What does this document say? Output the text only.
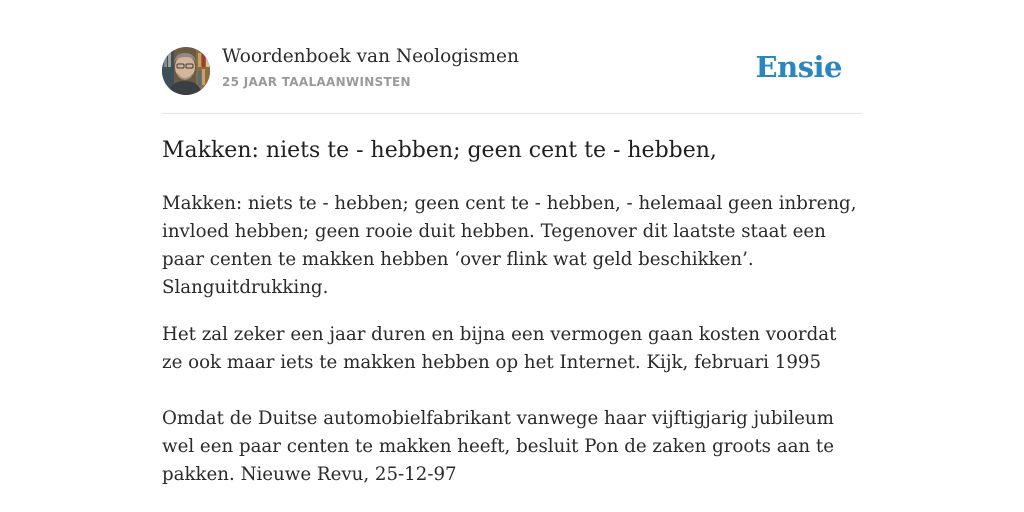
Woordenboek van Neologismen
25 JAAR TAALAANWINSTEN	Ensie
Makken: niets te - hebben; geen cent te - hebben,

Makken: niets te - hebben; geen cent te - hebben, - helemaal geen inbreng, invloed hebben; geen rooie duit hebben. Tegenover dit laatste staat een paar centen te makken hebben ‘over flink wat geld beschikken’. Slanguitdrukking.

Het zal zeker een jaar duren en bijna een vermogen gaan kosten voordat ze ook maar iets te makken hebben op het Internet. Kijk, februari 1995

Omdat de Duitse automobielfabrikant vanwege haar vijftigjarig jubileum wel een paar centen te makken heeft, besluit Pon de zaken groots aan te pakken. Nieuwe Revu, 25-12-97
